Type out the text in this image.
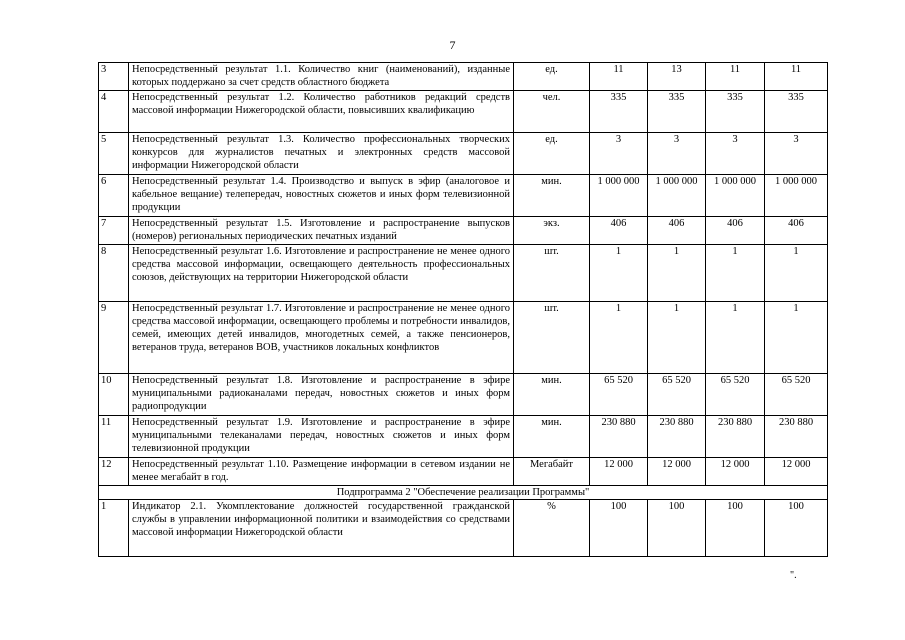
7
3	Непосредственный результат 1.1. Количество книг (наименований), изданные которых поддержано за счет средств областного бюджета	ед.	11	13	11	11
4	Непосредственный результат 1.2. Количество работников редакций средств массовой информации Нижегородской области, повысивших квалификацию	чел.	335	335	335	335
5	Непосредственный результат 1.3. Количество профессиональных творческих конкурсов для журналистов печатных и электронных средств массовой информации Нижегородской области	ед.	3	3	3	3
6	Непосредственный результат 1.4. Производство и выпуск в эфир (аналоговое и кабельное вещание) телепередач, новостных сюжетов и иных форм телевизионной продукции	мин.	1 000 000	1 000 000	1 000 000	1 000 000
7	Непосредственный результат 1.5. Изготовление и распространение выпусков (номеров) региональных периодических печатных изданий	экз.	406	406	406	406
8	Непосредственный результат 1.6. Изготовление и распространение не менее одного средства массовой информации, освещающего деятельность профессиональных союзов, действующих на территории Нижегородской области	шт.	1	1	1	1
9	Непосредственный результат 1.7. Изготовление и распространение не менее одного средства массовой информации, освещающего проблемы и потребности инвалидов, семей, имеющих детей инвалидов, многодетных семей, а также пенсионеров, ветеранов труда, ветеранов ВОВ, участников локальных конфликтов	шт.	1	1	1	1
10	Непосредственный результат 1.8. Изготовление и распространение в эфире муниципальными радиоканалами передач, новостных сюжетов и иных форм радиопродукции	мин.	65 520	65 520	65 520	65 520
11	Непосредственный результат 1.9. Изготовление и распространение в эфире муниципальными телеканалами передач, новостных сюжетов и иных форм телевизионной продукции	мин.	230 880	230 880	230 880	230 880
12	Непосредственный результат 1.10. Размещение информации в сетевом издании не менее мегабайт в год.	Мегабайт	12 000	12 000	12 000	12 000
Подпрограмма 2 "Обеспечение реализации Программы"						
1	Индикатор 2.1. Укомплектование должностей государственной гражданской службы в управлении информационной политики и взаимодействия со средствами массовой информации Нижегородской области	%	100	100	100	100
".
